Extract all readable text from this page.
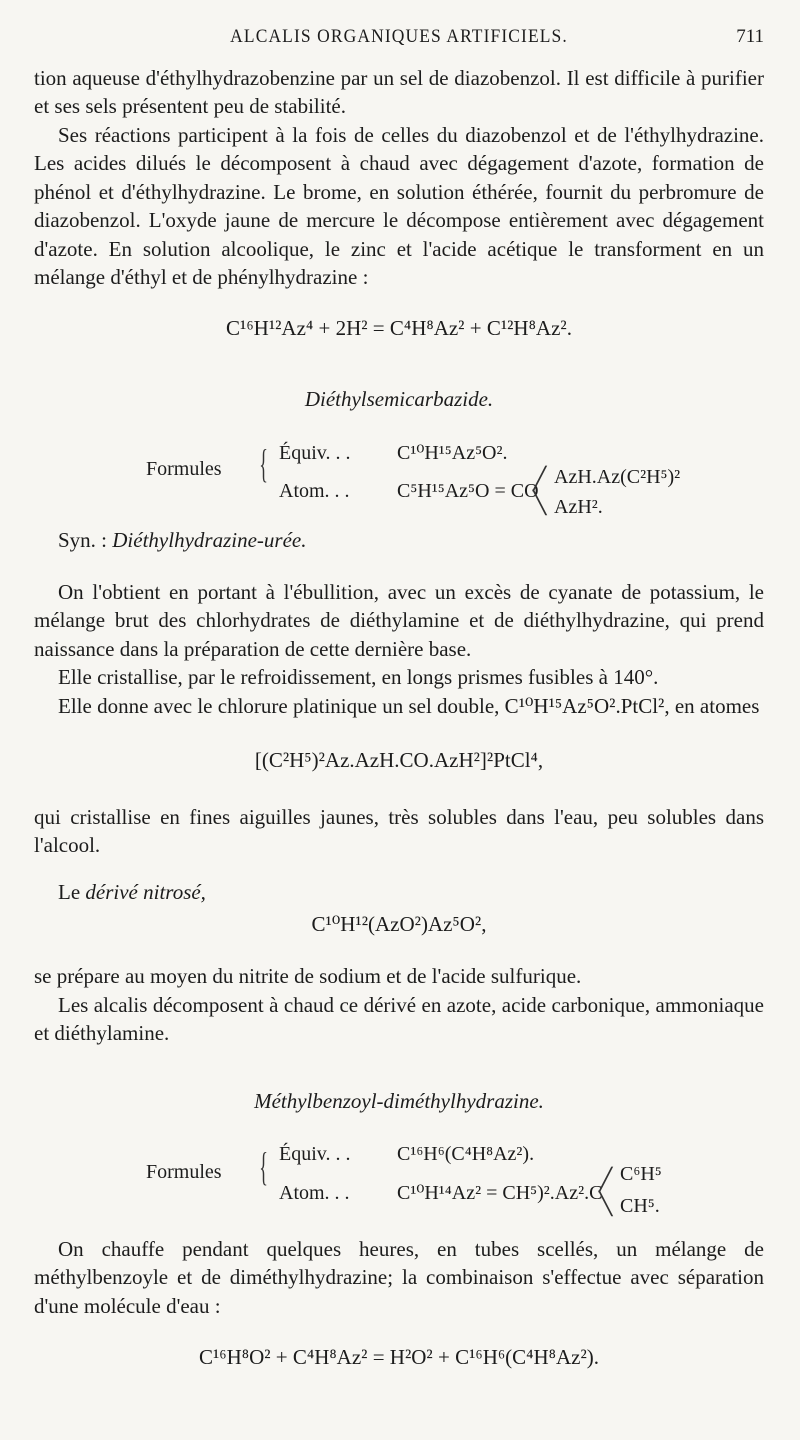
ALCALIS ORGANIQUES ARTIFICIELS.	711

tion aqueuse d'éthylhydrazobenzine par un sel de diazobenzol. Il est difficile à purifier et ses sels présentent peu de stabilité.

Ses réactions participent à la fois de celles du diazobenzol et de l'éthylhydrazine. Les acides dilués le décomposent à chaud avec dégagement d'azote, formation de phénol et d'éthylhydrazine. Le brome, en solution éthérée, fournit du perbromure de diazobenzol. L'oxyde jaune de mercure le décompose entièrement avec dégagement d'azote. En solution alcoolique, le zinc et l'acide acétique le transforment en un mélange d'éthyl et de phénylhydrazine :

C¹⁶H¹²Az⁴ + 2H² = C⁴H⁸Az² + C¹²H⁸Az².
Diéthylsemicarbazide.
Formules { Équiv. . . C¹⁰H¹⁵Az⁵O².
Atom. . . C⁵H¹⁵Az⁵O = CO
╱
╲
AzH.Az(C²H⁵)²
AzH².
Syn. : Diéthylhydrazine-urée.

On l'obtient en portant à l'ébullition, avec un excès de cyanate de potassium, le mélange brut des chlorhydrates de diéthylamine et de diéthylhydrazine, qui prend naissance dans la préparation de cette dernière base.

Elle cristallise, par le refroidissement, en longs prismes fusibles à 140°.

Elle donne avec le chlorure platinique un sel double, C¹⁰H¹⁵Az⁵O².PtCl², en atomes

[(C²H⁵)²Az.AzH.CO.AzH²]²PtCl⁴,

qui cristallise en fines aiguilles jaunes, très solubles dans l'eau, peu solubles dans l'alcool.

Le dérivé nitrosé,
C¹⁰H¹²(AzO²)Az⁵O²,

se prépare au moyen du nitrite de sodium et de l'acide sulfurique.

Les alcalis décomposent à chaud ce dérivé en azote, acide carbonique, ammoniaque et diéthylamine.

Méthylbenzoyl-diméthylhydrazine.
Formules { Équiv. . . C¹⁶H⁶(C⁴H⁸Az²).
Atom. . . C¹⁰H¹⁴Az² = CH⁵)².Az².C
╱
╲
C⁶H⁵
CH⁵.

On chauffe pendant quelques heures, en tubes scellés, un mélange de méthylbenzoyle et de diméthylhydrazine; la combinaison s'effectue avec séparation d'une molécule d'eau :

C¹⁶H⁸O² + C⁴H⁸Az² = H²O² + C¹⁶H⁶(C⁴H⁸Az²).
